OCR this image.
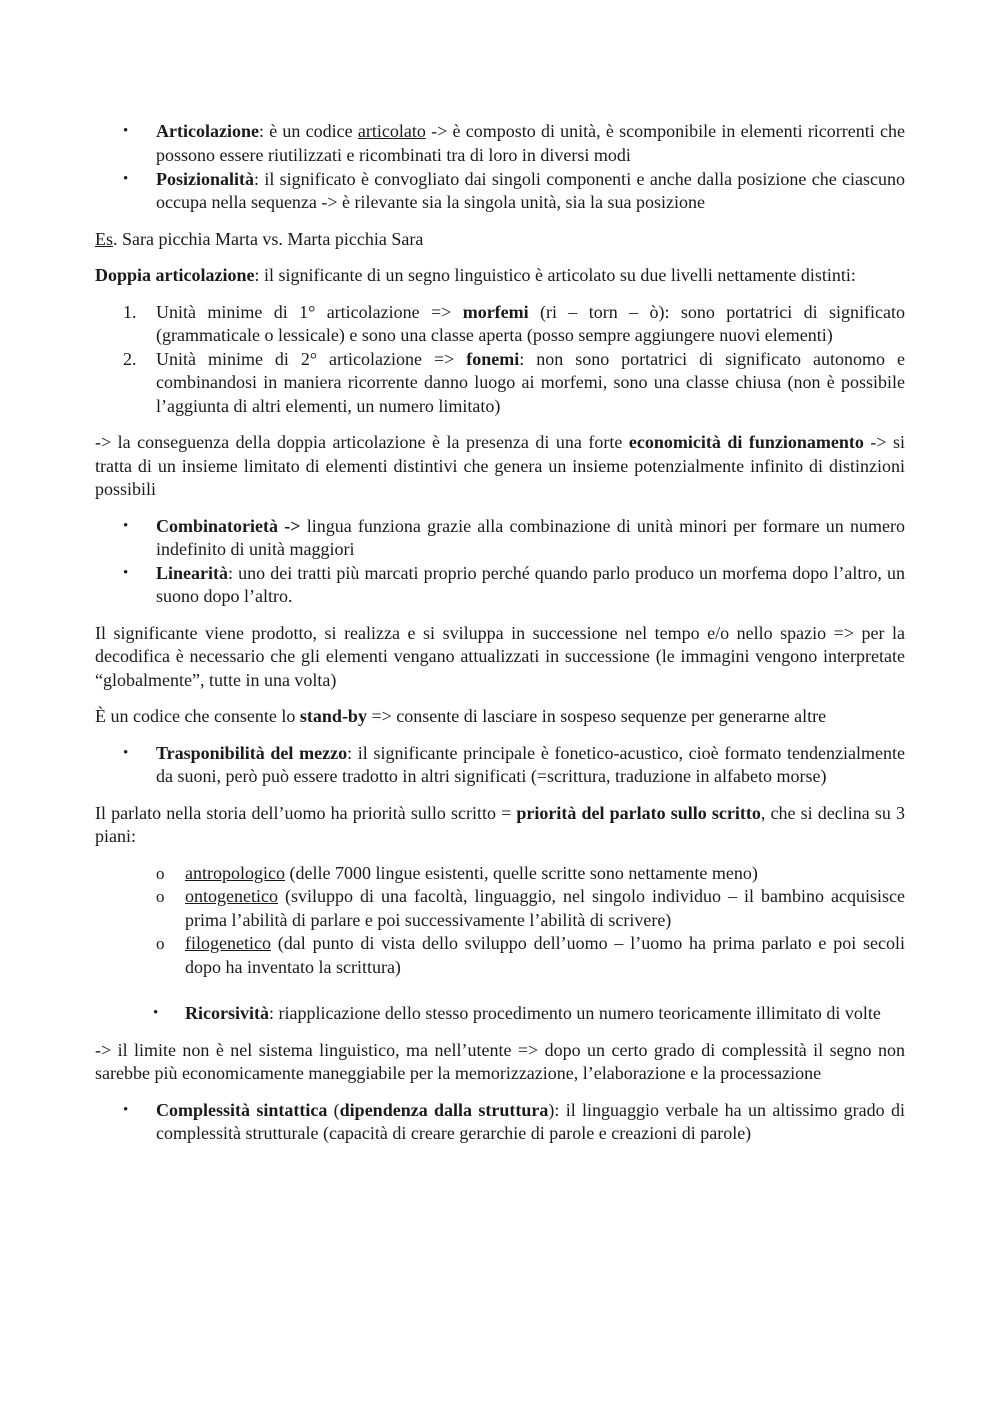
• Articolazione: è un codice articolato -> è composto di unità, è scomponibile in elementi ricorrenti che possono essere riutilizzati e ricombinati tra di loro in diversi modi
• Posizionalità: il significato è convogliato dai singoli componenti e anche dalla posizione che ciascuno occupa nella sequenza -> è rilevante sia la singola unità, sia la sua posizione

Es. Sara picchia Marta vs. Marta picchia Sara

Doppia articolazione: il significante di un segno linguistico è articolato su due livelli nettamente distinti:

1. Unità minime di 1° articolazione => morfemi (ri – torn – ò): sono portatrici di significato (grammaticale o lessicale) e sono una classe aperta (posso sempre aggiungere nuovi elementi)
2. Unità minime di 2° articolazione => fonemi: non sono portatrici di significato autonomo e combinandosi in maniera ricorrente danno luogo ai morfemi, sono una classe chiusa (non è possibile l’aggiunta di altri elementi, un numero limitato)

-> la conseguenza della doppia articolazione è la presenza di una forte economicità di funzionamento -> si tratta di un insieme limitato di elementi distintivi che genera un insieme potenzialmente infinito di distinzioni possibili

• Combinatorietà -> lingua funziona grazie alla combinazione di unità minori per formare un numero indefinito di unità maggiori
• Linearità: uno dei tratti più marcati proprio perché quando parlo produco un morfema dopo l’altro, un suono dopo l’altro.

Il significante viene prodotto, si realizza e si sviluppa in successione nel tempo e/o nello spazio => per la decodifica è necessario che gli elementi vengano attualizzati in successione (le immagini vengono interpretate “globalmente”, tutte in una volta)

È un codice che consente lo stand-by => consente di lasciare in sospeso sequenze per generarne altre

• Trasponibilità del mezzo: il significante principale è fonetico-acustico, cioè formato tendenzialmente da suoni, però può essere tradotto in altri significati (=scrittura, traduzione in alfabeto morse)

Il parlato nella storia dell’uomo ha priorità sullo scritto = priorità del parlato sullo scritto, che si declina su 3 piani:

o antropologico (delle 7000 lingue esistenti, quelle scritte sono nettamente meno)
o ontogenetico (sviluppo di una facoltà, linguaggio, nel singolo individuo – il bambino acquisisce prima l’abilità di parlare e poi successivamente l’abilità di scrivere)
o filogenetico (dal punto di vista dello sviluppo dell’uomo – l’uomo ha prima parlato e poi secoli dopo ha inventato la scrittura)
• Ricorsività: riapplicazione dello stesso procedimento un numero teoricamente illimitato di volte

-> il limite non è nel sistema linguistico, ma nell’utente => dopo un certo grado di complessità il segno non sarebbe più economicamente maneggiabile per la memorizzazione, l’elaborazione e la processazione

• Complessità sintattica (dipendenza dalla struttura): il linguaggio verbale ha un altissimo grado di complessità strutturale (capacità di creare gerarchie di parole e creazioni di parole)
